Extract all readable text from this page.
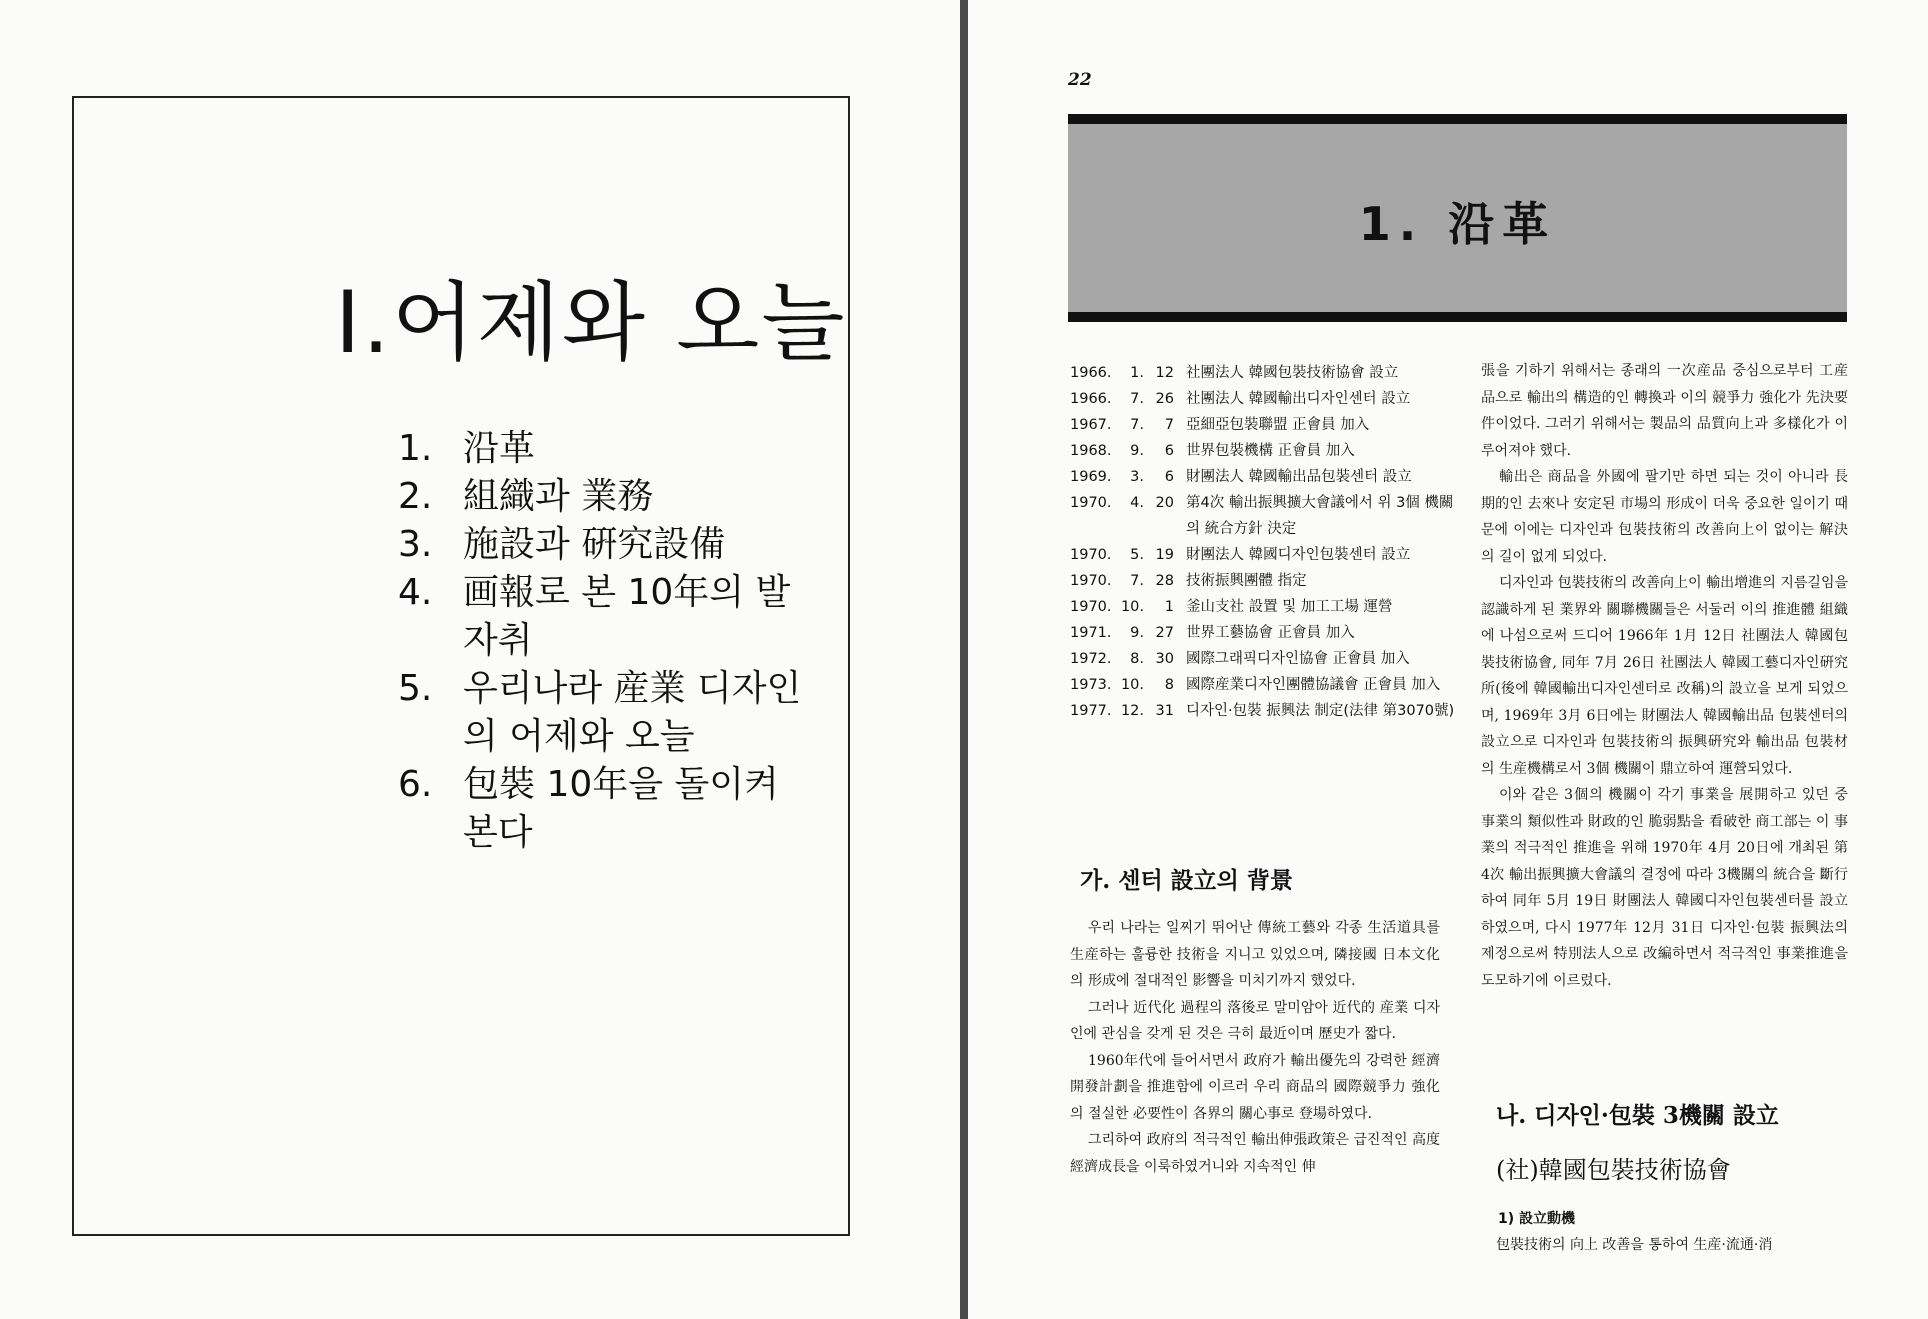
I.어제와 오늘
1. 沿革
2. 組織과 業務
3. 施設과 硏究設備
4. 画報로 본 10年의 발자취
5. 우리나라 産業 디자인의 어제와 오늘
6. 包裝 10年을 돌이켜 본다
22
1. 沿革
1966.	1. 12 社團法人 韓國包裝技術協會 設立
1966.	7. 26 社團法人 韓國輸出디자인센터 設立
1967.	7.	7 亞細亞包裝聯盟 正會員 加入
1968.	9.	6 世界包裝機構 正會員 加入
1969.	3.	6 財團法人 韓國輸出品包裝센터 設立
1970.	4. 20 第4次 輸出振興擴大會議에서 위 3個 機關의 統合方針 決定
1970.	5. 19 財團法人 韓國디자인包裝센터 設立
1970.	7. 28 技術振興團體 指定
1970. 10.	1 釜山支社 設置 및 加工工場 運營
1971.	9. 27 世界工藝協會 正會員 加入
1972.	8. 30 國際그래픽디자인協會 正會員 加入
1973. 10.	8 國際産業디자인團體協議會 正會員 加入
1977. 12. 31 디자인·包裝 振興法 制定(法律 第3070號)
가. 센터 設立의 背景

우리 나라는 일찌기 뛰어난 傳統工藝와 각종 生活道具를 生産하는 훌륭한 技術을 지니고 있었으며, 隣接國 日本文化의 形成에 절대적인 影響을 미치기까지 했었다.

그러나 近代化 過程의 落後로 말미암아 近代的 産業 디자인에 관심을 갖게 된 것은 극히 最近이며 歷史가 짧다.

1960年代에 들어서면서 政府가 輸出優先의 강력한 經濟開發計劃을 推進함에 이르러 우리 商品의 國際競爭力 強化의 절실한 必要性이 各界의 關心事로 登場하였다.

그리하여 政府의 적극적인 輸出伸張政策은 급진적인 高度經濟成長을 이룩하였거니와 지속적인 伸

張을 기하기 위해서는 종래의 一次産品 중심으로부터 工産品으로 輸出의 構造的인 轉換과 이의 競爭力 強化가 先決要件이었다. 그러기 위해서는 製品의 品質向上과 多樣化가 이루어져야 했다.

輸出은 商品을 外國에 팔기만 하면 되는 것이 아니라 長期的인 去來나 安定된 市場의 形成이 더욱 중요한 일이기 때문에 이에는 디자인과 包裝技術의 改善向上이 없이는 解決의 길이 없게 되었다.

디자인과 包裝技術의 改善向上이 輸出增進의 지름길임을 認識하게 된 業界와 關聯機關들은 서둘러 이의 推進體 組織에 나섬으로써 드디어 1966年 1月 12日 社團法人 韓國包裝技術協會, 同年 7月 26日 社團法人 韓國工藝디자인硏究所(後에 韓國輸出디자인센터로 改稱)의 設立을 보게 되었으며, 1969年 3月 6日에는 財團法人 韓國輸出品 包裝센터의 設立으로 디자인과 包裝技術의 振興硏究와 輸出品 包裝材의 生産機構로서 3個 機關이 鼎立하여 運營되었다.

이와 같은 3個의 機關이 각기 事業을 展開하고 있던 중 事業의 類似性과 財政的인 脆弱點을 看破한 商工部는 이 事業의 적극적인 推進을 위해 1970年 4月 20日에 개최된 第4次 輸出振興擴大會議의 결정에 따라 3機關의 統合을 斷行하여 同年 5月 19日 財團法人 韓國디자인包裝센터를 設立하였으며, 다시 1977年 12月 31日 디자인·包裝 振興法의 제정으로써 特別法人으로 改編하면서 적극적인 事業推進을 도모하기에 이르렀다.

나. 디자인·包裝 3機關 設立
(社)韓國包裝技術協會
1) 設立動機

包裝技術의 向上 改善을 통하여 生産·流通·消
